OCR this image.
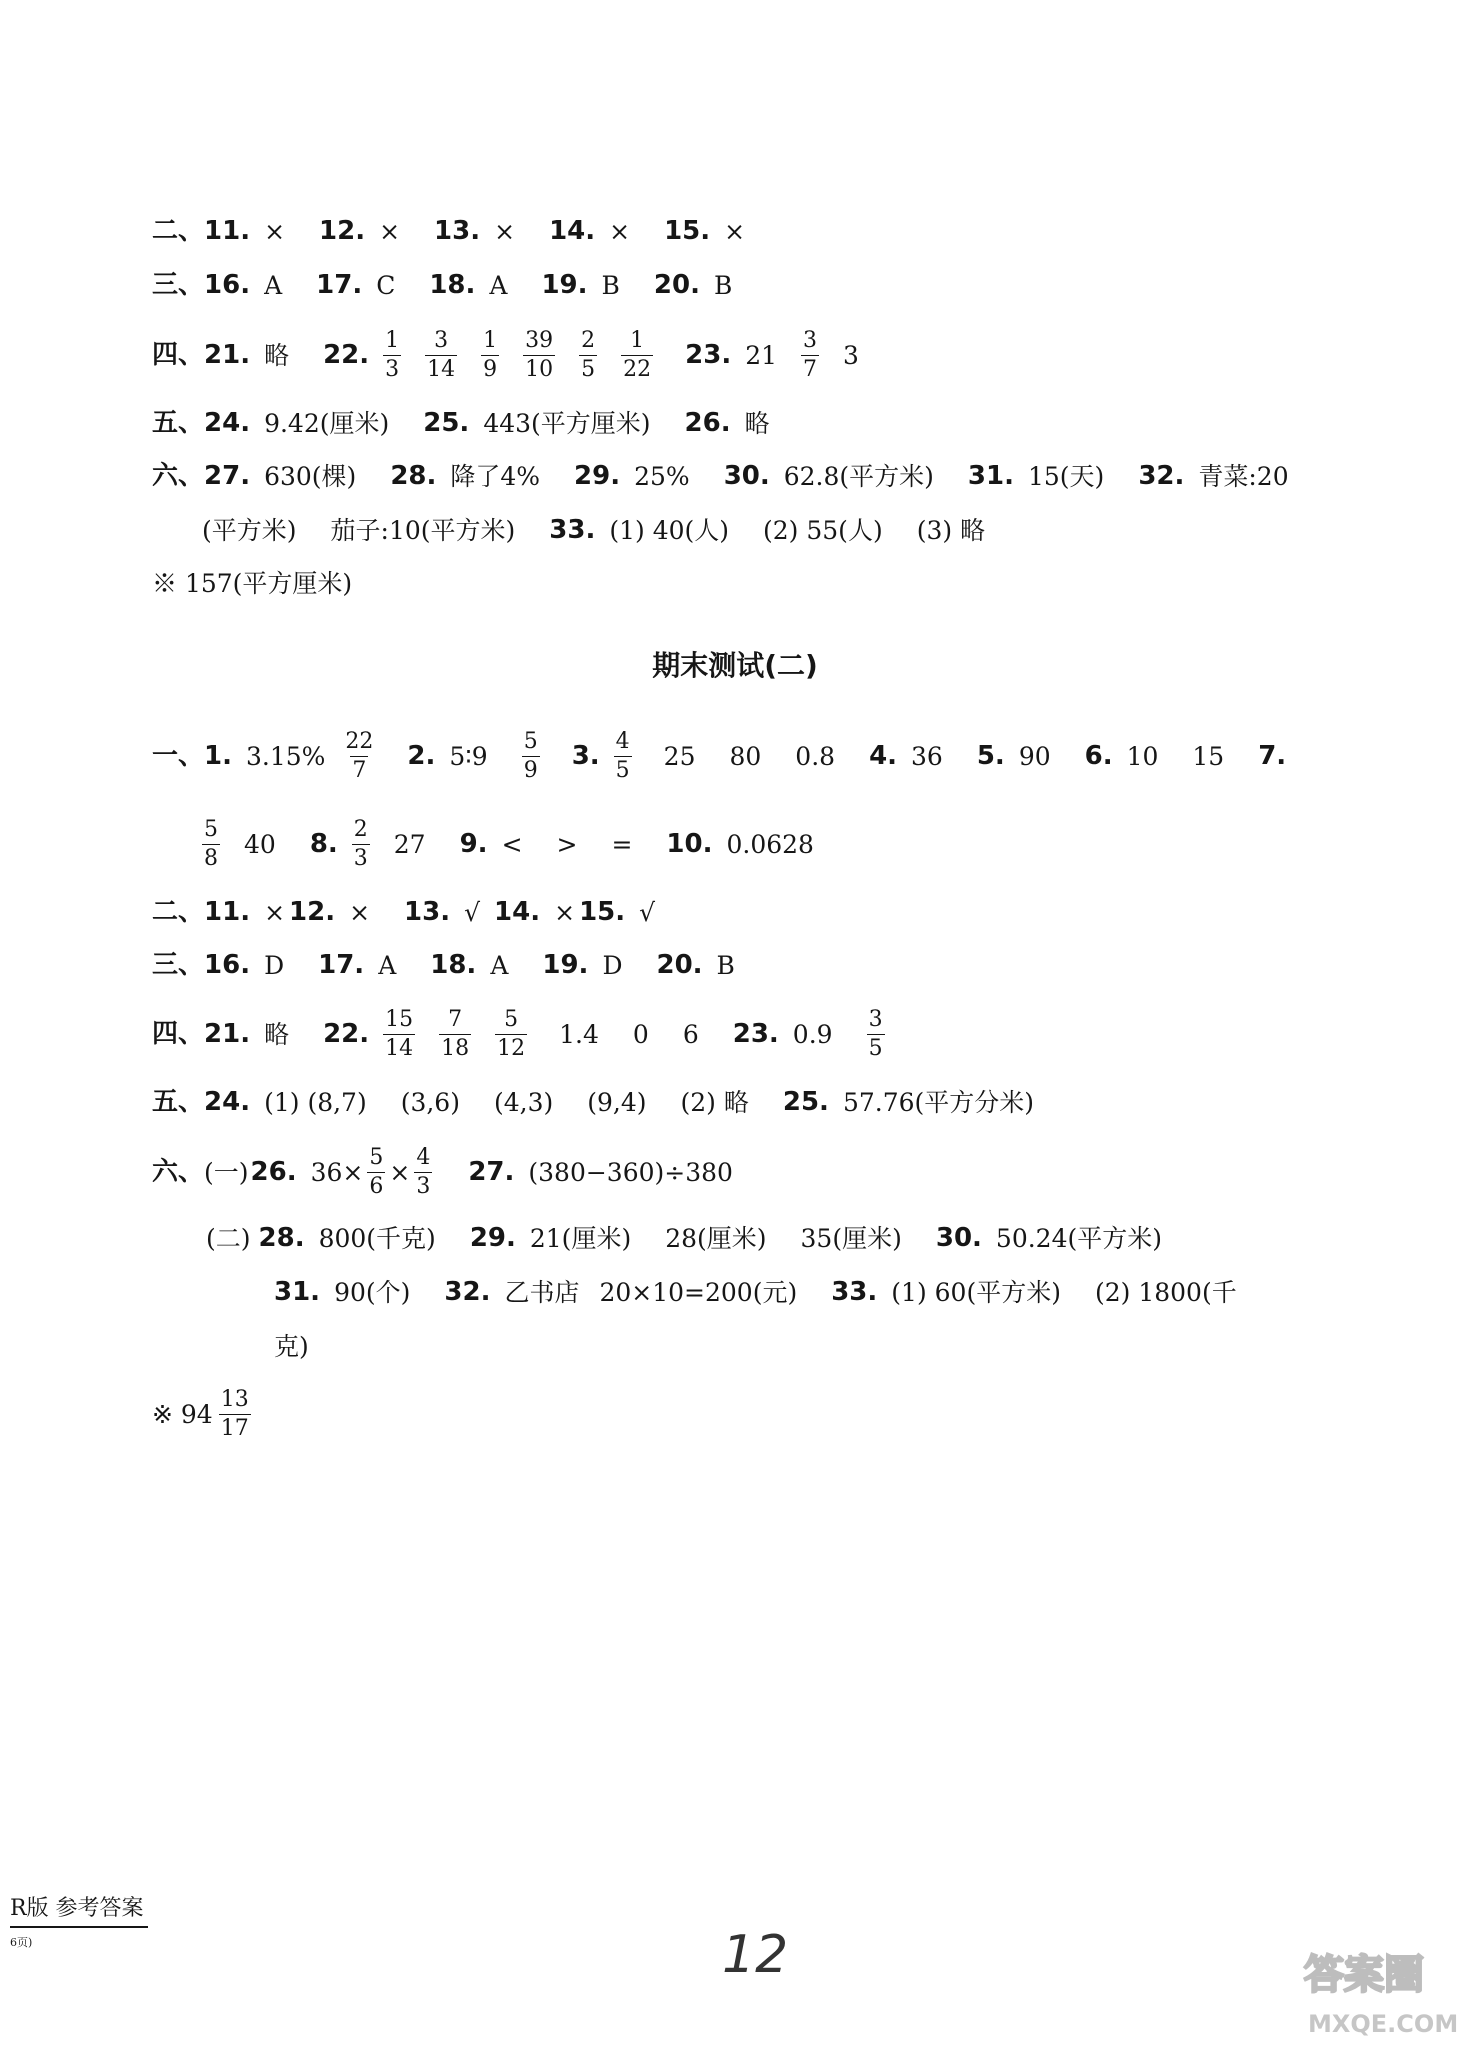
二、 11. × 12. × 13. × 14. × 15. ×
三、 16. A 17. C 18. A 19. B 20. B
四、 21. 略 22. $\frac{1}{3} \frac{3}{14} \frac{1}{9} \frac{39}{10} \frac{2}{5} \frac{1}{22} 23$. $21 \frac{3}{7} 3$
五、 24. 9.42(厘米) 25. 443(平方厘米) 26. 略
六、 27. 630(棵) 28. 降了4% 29. 25% 30. 62.8(平方米) 31. 15(天) 32. 青菜:20
(平方米) 茄子:10(平方米) 33. (1) 40(人) (2) 55(人) (3) 略
※ 157(平方厘米)
期末测试(二)
一、 1. $3.15\% \frac{22}{7} 2$. 5∶9 $\frac{5}{9} 3$. $\frac{4}{5} 25$ 80 0.8 4. 36 5. 90 6. 10 15 7.
$\frac{5}{8} 40$ 8. $\frac{2}{3} 27$ 9. < > = 10. 0.0628
二、 11. × 12. × 13. √ 14. × 15. √
三、 16. D 17. A 18. A 19. D 20. B
四、 21. 略 22. $\frac{15}{14} \frac{7}{18} \frac{5}{12} 1.4$ 0 6 23. $0.9 \frac{3}{5}$
五、 24. (1) (8,7) (3,6) (4,3) (9,4) (2) 略 25. 57.76(平方分米)
六、 (一) 26. $36\times \frac{5}{6} \times \frac{4}{3} 27$. (380−360)÷380
(二) 28. 800(千克) 29. 21(厘米) 28(厘米) 35(厘米) 30. 50.24(平方米)
31. 90(个) 32. 乙书店 20×10=200(元) 33. (1) 60(平方米) (2) 1800(千
克)
※ $94 \frac{13}{17}$
R版 参考答案
6页)	12	答案圈
MXQE.COM
